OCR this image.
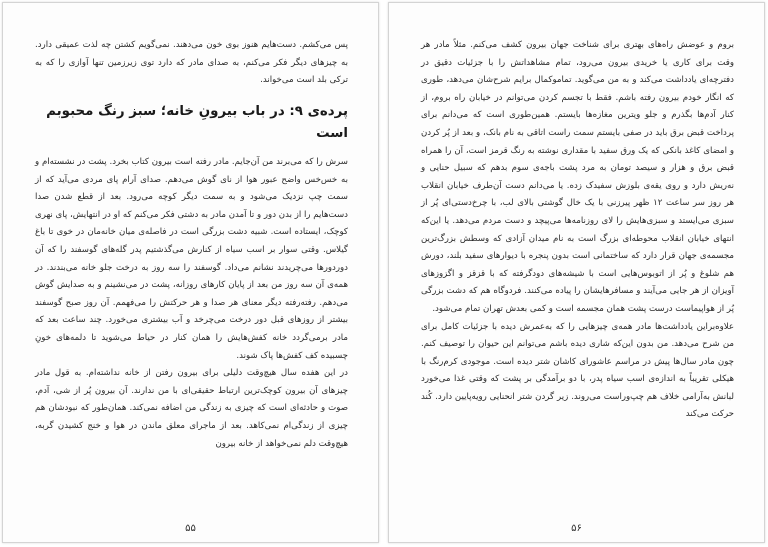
پس می‌کشم. دست‌هایم هنوز بوی خون می‌دهند. نمی‌گویم کشتن چه لذت عمیقی دارد. به چیزهای دیگر فکر می‌کنم، به صدای مادر که دارد توی زیرزمین تنها آوازی را که به ترکی بلد است می‌خواند.

پرده‌ی ۹: در باب بیرونِ خانه؛ سبز رنگ محبوبم است

سرش را که می‌برند من آن‌جایم. مادر رفته است بیرون کتاب بخرد. پشت در نشسته‌ام و به خس‌خس واضح عبور هوا از نای گوش می‌دهم. صدای آرام پای مردی می‌آید که از سمت چپ نزدیک می‌شود و به سمت دیگر کوچه می‌رود. بعد از قطع شدن صدا دست‌هایم را از بدن دور و تا آمدن مادر به دشتی فکر می‌کنم که او در انتهایش، پای نهری کوچک، ایستاده است. شبیه دشت بزرگی است در فاصله‌ی میان خانه‌مان در خوی تا باغ گیلاس. وقتی سوار بر اسب سیاه از کنارش می‌گذشتیم پدر گله‌های گوسفند را که آن دوردورها می‌چریدند نشانم می‌داد. گوسفند را سه روز به درخت جلو خانه می‌بندند. در همه‌ی آن سه روز من بعد از پایان کارهای روزانه، پشت در می‌نشینم و به صدایش گوش می‌دهم. رفته‌رفته دیگر معنای هر صدا و هر حرکتش را می‌فهمم. آن روز صبح گوسفند بیشتر از روزهای قبل دور درخت می‌چرخد و آب بیشتری می‌خورد. چند ساعت بعد که مادر برمی‌گردد خانه کفش‌هایش را همان کنار در حیاط می‌شوید تا دلمه‌های خونِ چسبیده کف کفش‌ها پاک شوند.

در این هفده سال هیچ‌وقت دلیلی برای بیرون رفتن از خانه نداشته‌ام. به قول مادر چیزهای آن بیرون کوچک‌ترین ارتباط حقیقی‌ای با من ندارند. آن بیرون پُر از شی، آدم، صوت و حادثه‌ای است که چیزی به زندگی من اضافه نمی‌کند. همان‌طور که نبودشان هم چیزی از زندگی‌ام نمی‌کاهد. بعد از ماجرای معلق ماندن در هوا و خنج کشیدن گربه، هیچ‌وقت دلم نمی‌خواهد از خانه بیرون

۵۵

بروم و عوضش راه‌های بهتری برای شناخت جهان بیرون کشف می‌کنم. مثلاً مادر هر وقت برای کاری یا خریدی بیرون می‌رود، تمام مشاهداتش را با جزئیات دقیق در دفترچه‌ای یادداشت می‌کند و به من می‌گوید. تماموکمال برایم شرح‌شان می‌دهد، طوری که انگار خودم بیرون رفته باشم. فقط با تجسم کردن می‌توانم در خیابان راه بروم، از کنار آدم‌ها بگذرم و جلو ویترین مغازه‌ها بایستم. همین‌طوری است که می‌دانم برای پرداخت قبض برق باید در صفی بایستم سمت راست اتاقی به نام بانک، و بعد از پُر کردن و امضای کاغذ بانکی که یک ورق سفید با مقداری نوشته به رنگ قرمز است، آن را همراه قبض برق و هزار و سیصد تومان به مرد پشت باجه‌ی سوم بدهم که سبیل حنایی و نه‌ریش دارد و روی یقه‌ی بلوزش سفیدک زده. یا می‌دانم دست آن‌طرف خیابان انقلاب هر روز سر ساعت ۱۲ ظهر پیرزنی با یک خال گوشتی بالای لب، با چرخ‌دستی‌ای پُر از سبزی می‌ایستد و سبزی‌هایش را لای روزنامه‌ها می‌پیچد و دست مردم می‌دهد. یا این‌که انتهای خیابان انقلاب محوطه‌ای بزرگ است به نام میدان آزادی که وسطش بزرگ‌ترین مجسمه‌ی جهان قرار دارد که ساختمانی است بدون پنجره با دیوارهای سفید بلند، دورش هم شلوغ و پُر از اتوبوس‌هایی است با شیشه‌های دودگرفته که با قزقز و اگزوزهای آویزان از هر جایی می‌آیند و مسافرهایشان را پیاده می‌کنند. فردوگاه هم که دشت بزرگی پُر از هواپیماست درست پشت همان مجسمه است و کمی بعدش تهران تمام می‌شود.

علاوه‌براین یادداشت‌ها مادر همه‌ی چیزهایی را که به‌عمرش دیده با جزئیات کامل برای من شرح می‌دهد. من بدون این‌که شاری دیده باشم می‌توانم این حیوان را توصیف کنم. چون مادر سال‌ها پیش در مراسم عاشورای کاشان شتر دیده است. موجودی کرم‌رنگ با هیکلی تقریباً به اندازه‌ی اسب سیاه پدر، با دو برآمدگی بر پشت که وقتی غذا می‌خورد لبانش به‌آرامی خلاف هم چپ‌وراست می‌روند. زیر گردن شتر انحنایی رویه‌پایین دارد. کُند حرکت می‌کند

۵۶
